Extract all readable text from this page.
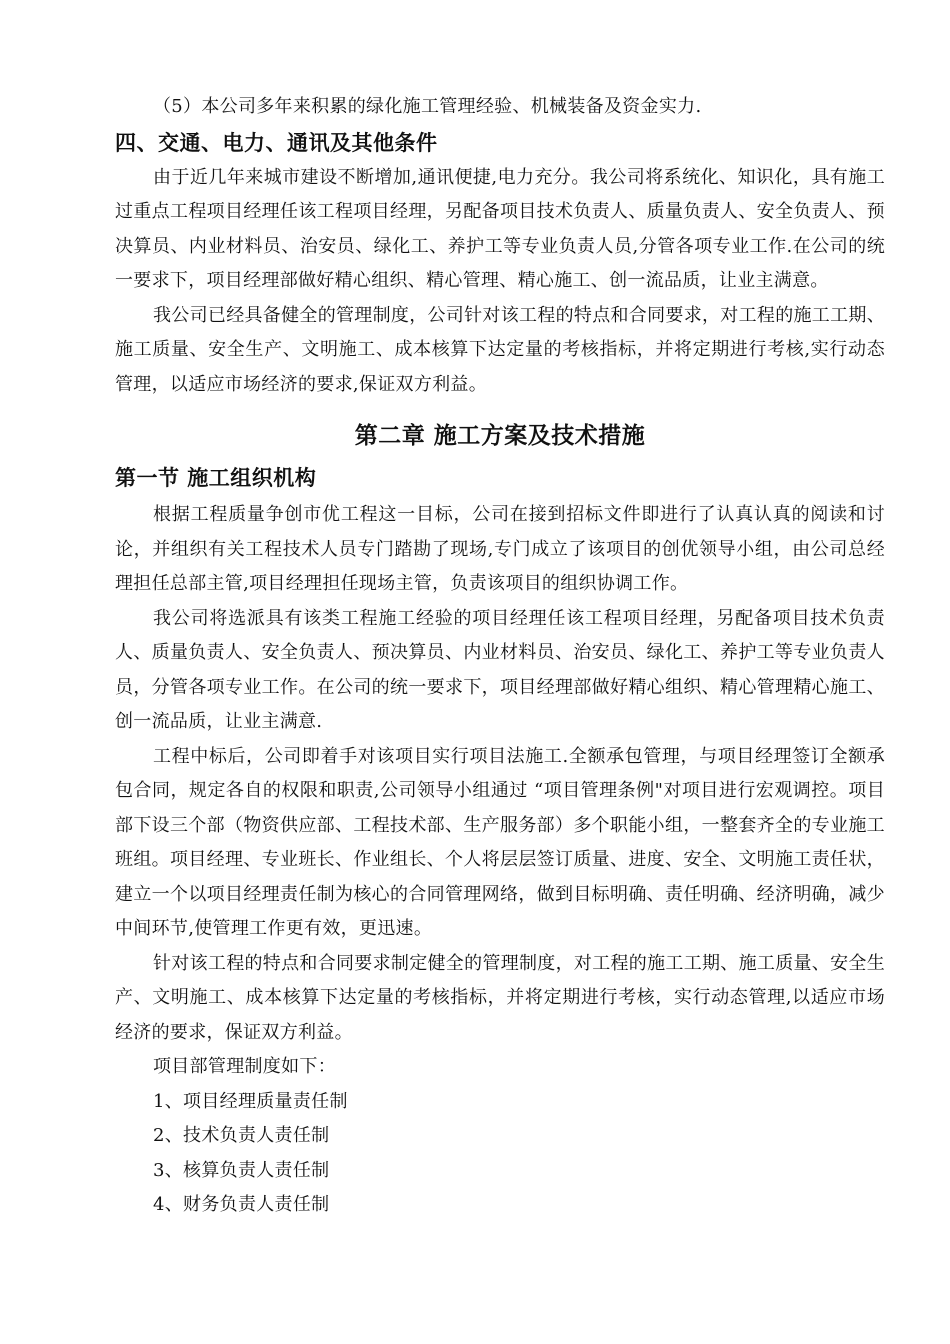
（5）本公司多年来积累的绿化施工管理经验、机械装备及资金实力.

四、交通、电力、通讯及其他条件

由于近几年来城市建设不断增加,通讯便捷,电力充分。我公司将系统化、知识化，具有施工过重点工程项目经理任该工程项目经理，另配备项目技术负责人、质量负责人、安全负责人、预决算员、内业材料员、治安员、绿化工、养护工等专业负责人员,分管各项专业工作.在公司的统一要求下，项目经理部做好精心组织、精心管理、精心施工、创一流品质，让业主满意。

我公司已经具备健全的管理制度，公司针对该工程的特点和合同要求，对工程的施工工期、施工质量、安全生产、文明施工、成本核算下达定量的考核指标，并将定期进行考核,实行动态管理，以适应市场经济的要求,保证双方利益。

第二章 施工方案及技术措施
第一节 施工组织机构

根据工程质量争创市优工程这一目标，公司在接到招标文件即进行了认真认真的阅读和讨论，并组织有关工程技术人员专门踏勘了现场,专门成立了该项目的创优领导小组，由公司总经理担任总部主管,项目经理担任现场主管，负责该项目的组织协调工作。

我公司将选派具有该类工程施工经验的项目经理任该工程项目经理，另配备项目技术负责人、质量负责人、安全负责人、预决算员、内业材料员、治安员、绿化工、养护工等专业负责人员，分管各项专业工作。在公司的统一要求下，项目经理部做好精心组织、精心管理精心施工、创一流品质，让业主满意.

工程中标后，公司即着手对该项目实行项目法施工.全额承包管理，与项目经理签订全额承包合同，规定各自的权限和职责,公司领导小组通过 “项目管理条例"对项目进行宏观调控。项目部下设三个部（物资供应部、工程技术部、生产服务部）多个职能小组，一整套齐全的专业施工班组。项目经理、专业班长、作业组长、个人将层层签订质量、进度、安全、文明施工责任状，建立一个以项目经理责任制为核心的合同管理网络，做到目标明确、责任明确、经济明确，减少中间环节,使管理工作更有效，更迅速。

针对该工程的特点和合同要求制定健全的管理制度，对工程的施工工期、施工质量、安全生产、文明施工、成本核算下达定量的考核指标，并将定期进行考核，实行动态管理,以适应市场经济的要求，保证双方利益。

项目部管理制度如下：

1、项目经理质量责任制

2、技术负责人责任制

3、核算负责人责任制

4、财务负责人责任制
